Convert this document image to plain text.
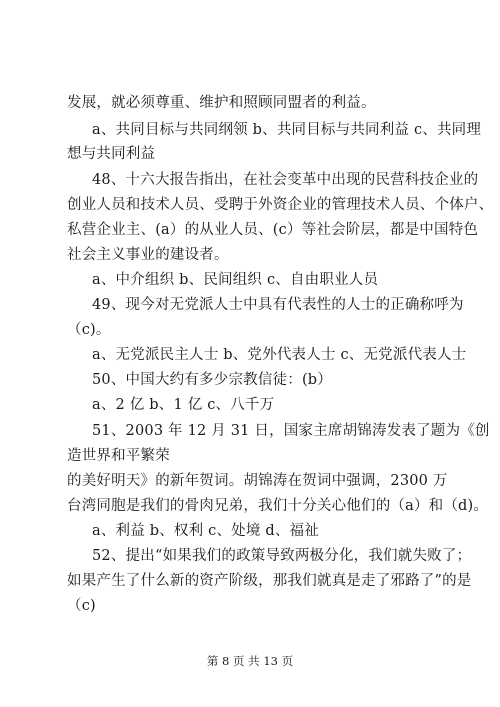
发展，就必须尊重、维护和照顾同盟者的利益。
a、共同目标与共同纲领 b、共同目标与共同利益 c、共同理
想与共同利益
48、十六大报告指出，在社会变革中出现的民营科技企业的
创业人员和技术人员、受聘于外资企业的管理技术人员、个体户、
私营企业主、(a）的从业人员、(c）等社会阶层，都是中国特色
社会主义事业的建设者。
a、中介组织 b、民间组织 c、自由职业人员
49、现今对无党派人士中具有代表性的人士的正确称呼为
（c)。
a、无党派民主人士 b、党外代表人士 c、无党派代表人士
50、中国大约有多少宗教信徒：(b）
a、2 亿 b、1 亿 c、八千万
51、2003 年 12 月 31 日，国家主席胡锦涛发表了题为《创
造世界和平繁荣
的美好明天》的新年贺词。胡锦涛在贺词中强调，2300 万
台湾同胞是我们的骨肉兄弟，我们十分关心他们的（a）和（d)。
a、利益 b、权利 c、处境 d、福祉
52、提出“如果我们的政策导致两极分化，我们就失败了；
如果产生了什么新的资产阶级，那我们就真是走了邪路了”的是
（c)
第 8 页 共 13 页
